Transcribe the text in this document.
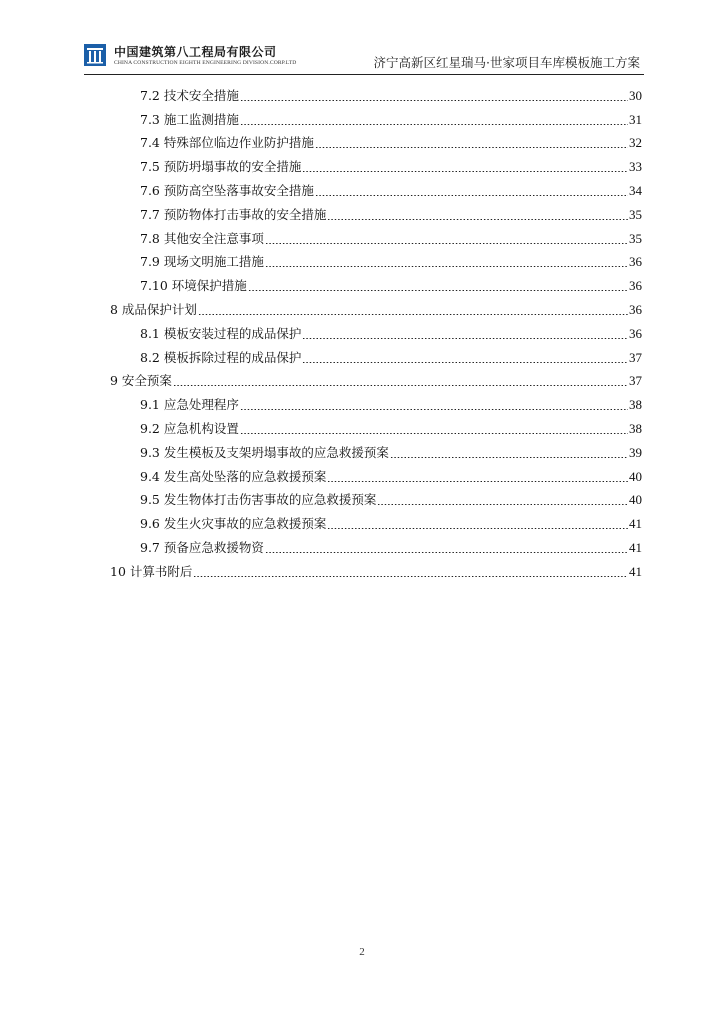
中国建筑第八工程局有限公司
CHINA CONSTRUCTION EIGHTH ENGINEERING DIVISION.CORP.LTD	济宁高新区红星瑞马·世家项目车库模板施工方案
7.2 技术安全措施	30
7.3 施工监测措施	31
7.4 特殊部位临边作业防护措施	32
7.5 预防坍塌事故的安全措施	33
7.6 预防高空坠落事故安全措施	34
7.7 预防物体打击事故的安全措施	35
7.8 其他安全注意事项	35
7.9 现场文明施工措施	36
7.10 环境保护措施	36
8 成品保护计划	36
8.1 模板安装过程的成品保护	36
8.2 模板拆除过程的成品保护	37
9 安全预案	37
9.1 应急处理程序	38
9.2 应急机构设置	38
9.3 发生模板及支架坍塌事故的应急救援预案	39
9.4 发生高处坠落的应急救援预案	40
9.5 发生物体打击伤害事故的应急救援预案	40
9.6 发生火灾事故的应急救援预案	41
9.7 预备应急救援物资	41
10 计算书附后	41
2
